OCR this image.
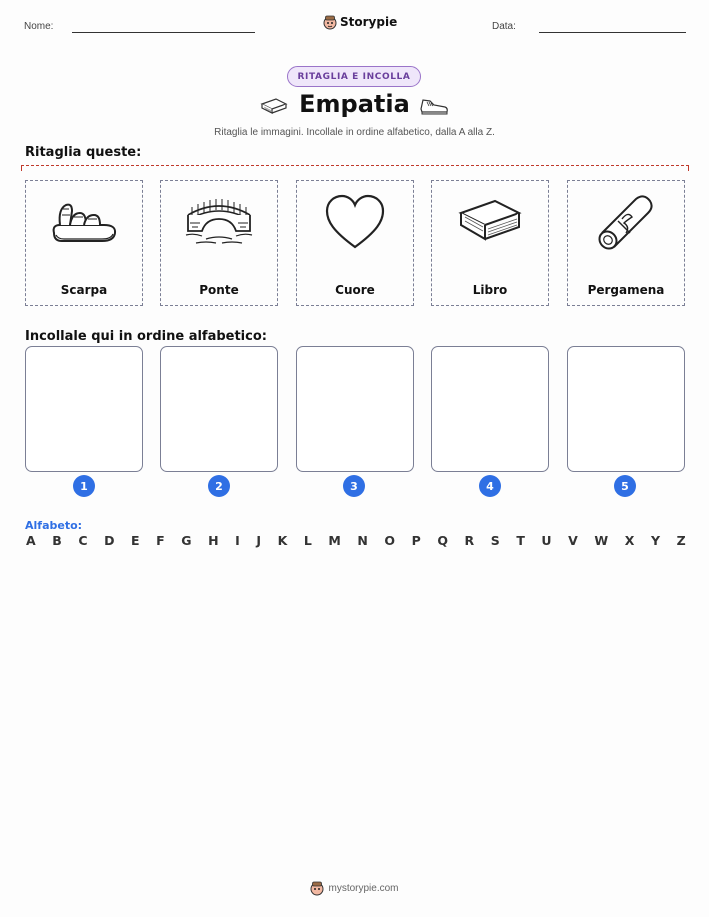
Nome:	Storypie	Data:
RITAGLIA E INCOLLA
Empatia
Ritaglia le immagini. Incollale in ordine alfabetico, dalla A alla Z.
Ritaglia queste:
Scarpa	Ponte	Cuore	Libro	Pergamena
Incollale qui in ordine alfabetico:
1	2	3	4	5
Alfabeto:
A B C D E F G H I J K L M N O P Q R S T U V W X Y Z
mystorypie.com
